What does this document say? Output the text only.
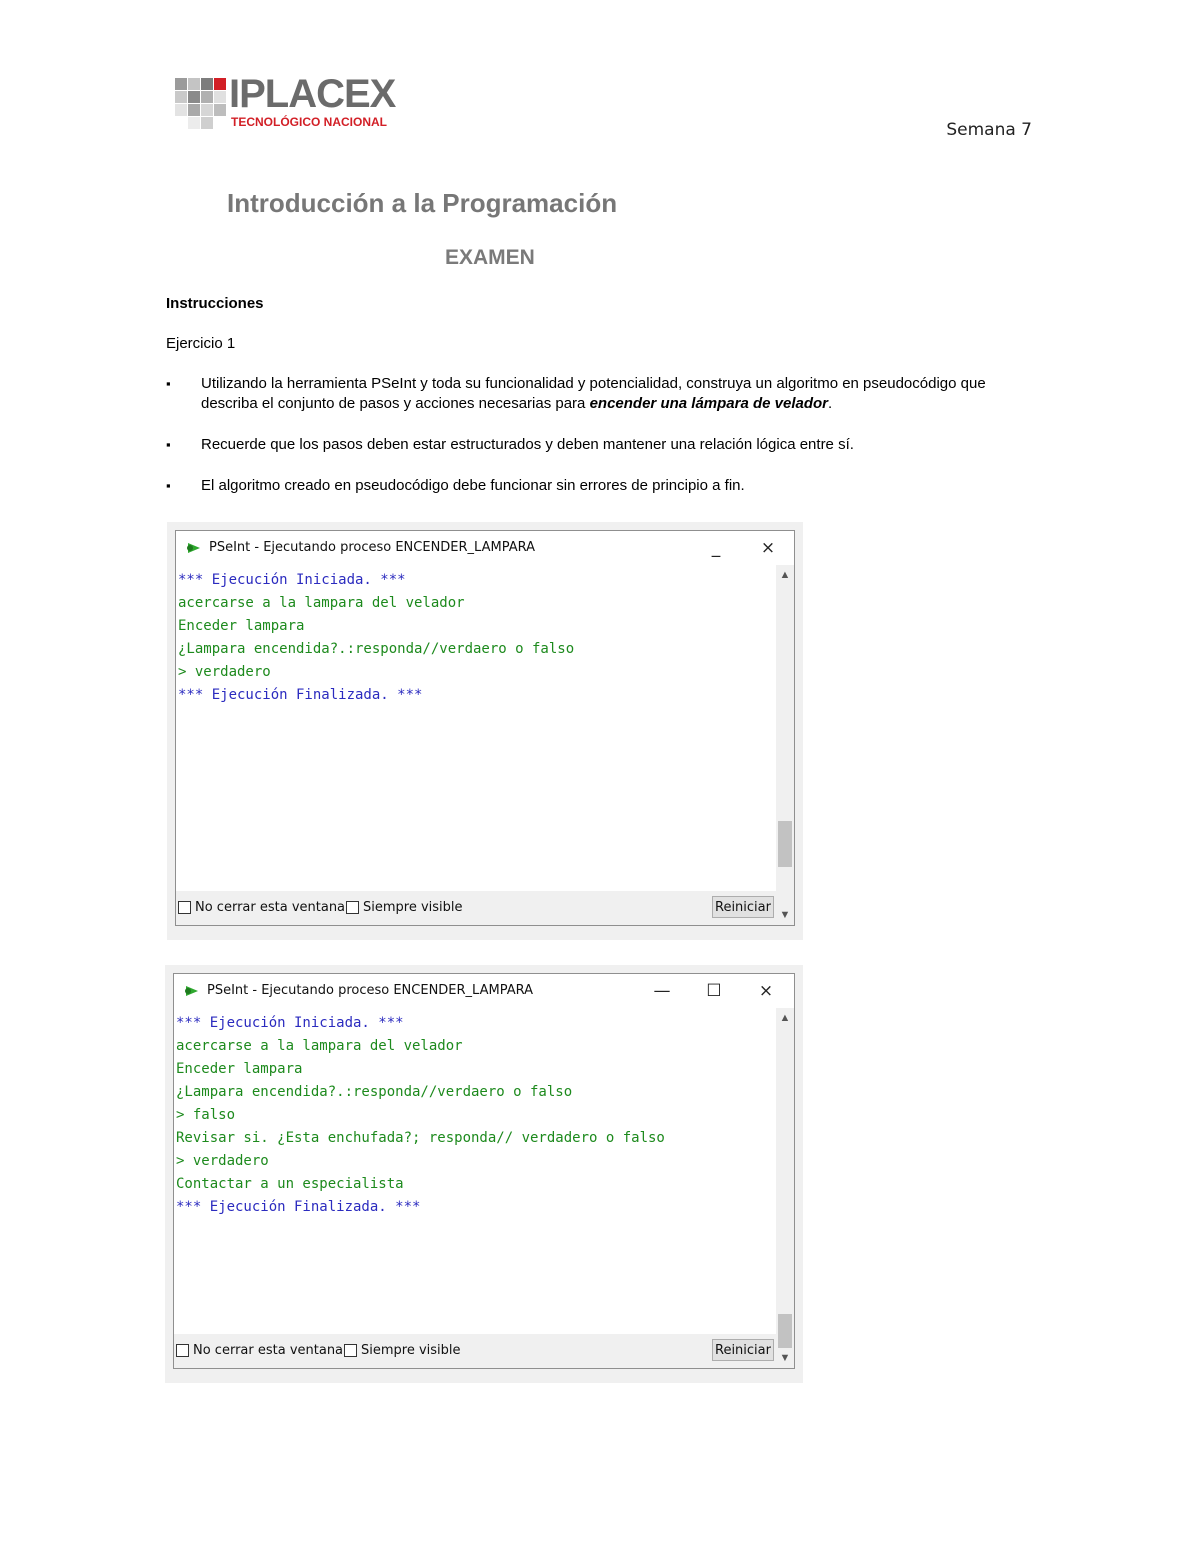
IPLACEX
TECNOLÓGICO NACIONAL	Semana 7
Introducción a la Programación
EXAMEN
Instrucciones
Ejercicio 1
▪ Utilizando la herramienta PSeInt y toda su funcionalidad y potencialidad, construya un algoritmo en pseudocódigo que describa el conjunto de pasos y acciones necesarias para encender una lámpara de velador.
▪ Recuerde que los pasos deben estar estructurados y deben mantener una relación lógica entre sí.
▪ El algoritmo creado en pseudocódigo debe funcionar sin errores de principio a fin.
PSeInt - Ejecutando proceso ENCENDER_LAMPARA	_	×
*** Ejecución Iniciada. ***
acercarse a la lampara del velador
Enceder lampara
¿Lampara encendida?.:responda//verdaero o falso
> verdadero
*** Ejecución Finalizada. ***
▲
▼
No cerrar esta ventana Siempre visible	Reiniciar
PSeInt - Ejecutando proceso ENCENDER_LAMPARA	—	☐	×
*** Ejecución Iniciada. ***
acercarse a la lampara del velador
Enceder lampara
¿Lampara encendida?.:responda//verdaero o falso
> falso
Revisar si. ¿Esta enchufada?; responda// verdadero o falso
> verdadero
Contactar a un especialista
*** Ejecución Finalizada. ***
▲
▼
No cerrar esta ventana Siempre visible	Reiniciar
